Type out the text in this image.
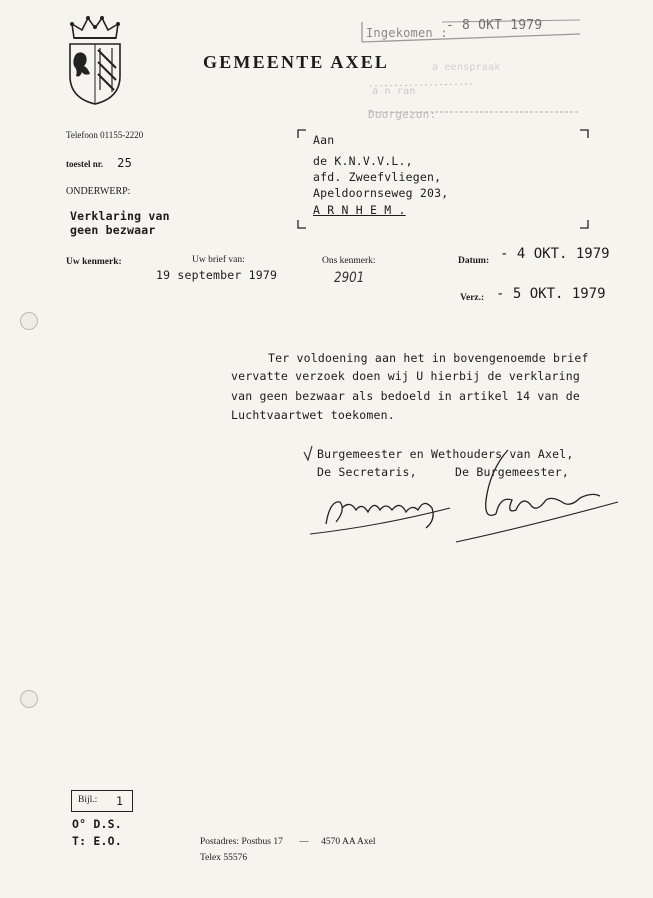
GEMEENTE AXEL
Ingekomen :
- 8 OKT 1979
a eenspraak
a n ran
Doorgezon:
Telefoon 01155-2220
toestel nr. 25
ONDERWERP:
Verklaring van
geen bezwaar
Aan
de K.N.V.V.L.,
afd. Zweefvliegen,
Apeldoornseweg 203,
A R N H E M .
Uw kenmerk:	Uw brief van:
19 september 1979
Ons kenmerk:
2901
Datum: - 4 OKT. 1979
Verz.: - 5 OKT. 1979
Ter voldoening aan het in bovengenoemde brief
vervatte verzoek doen wij U hierbij de verklaring
van geen bezwaar als bedoeld in artikel 14 van de
Luchtvaartwet toekomen.
Burgemeester en Wethouders van Axel,
De Secretaris,	De Burgemeester,
Bijl.: 1
O° D.S.
T: E.O.	Postadres: Postbus 17 — 4570 AA Axel
Telex 55576
